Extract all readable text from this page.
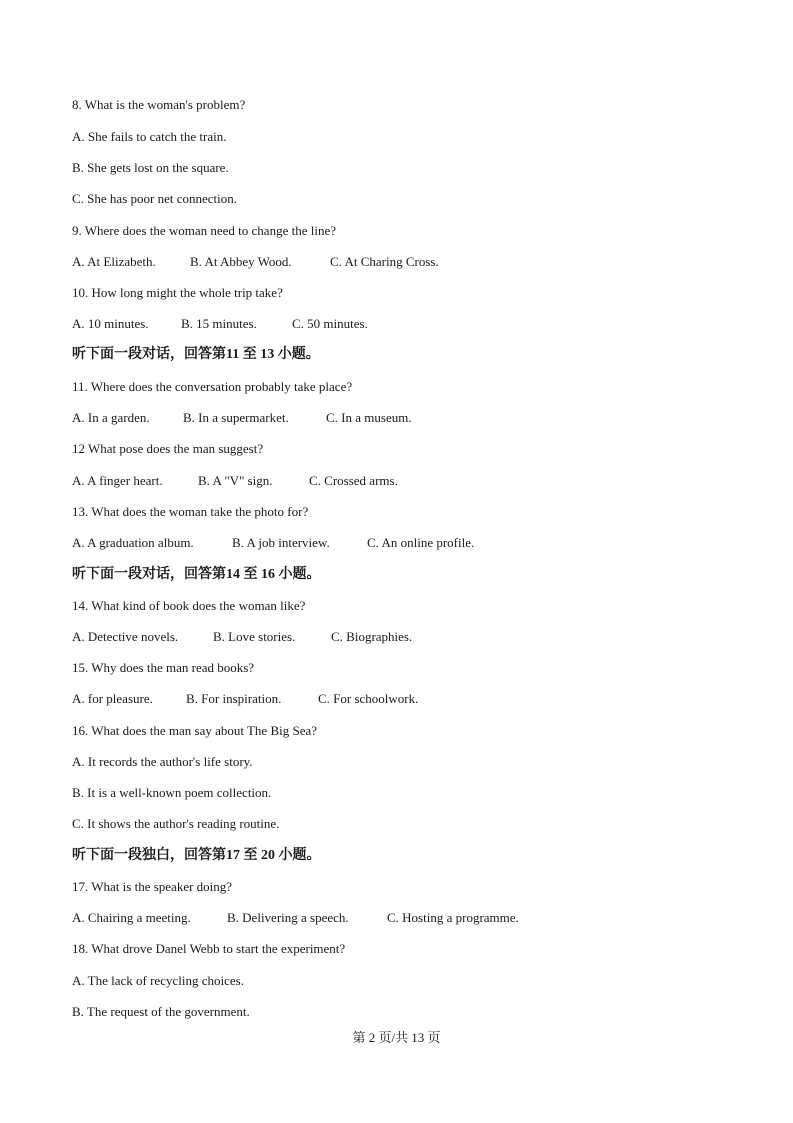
8. What is the woman's problem?
A. She fails to catch the train.
B. She gets lost on the square.
C. She has poor net connection.
9. Where does the woman need to change the line?
A. At Elizabeth.	B. At Abbey Wood.	C. At Charing Cross.
10. How long might the whole trip take?
A. 10 minutes.	B. 15 minutes.	C. 50 minutes.
听下面一段对话，回答第11 至 13 小题。
11. Where does the conversation probably take place?
A. In a garden.	B. In a supermarket.	C. In a museum.
12 What pose does the man suggest?
A. A finger heart.	B. A "V" sign.	C. Crossed arms.
13. What does the woman take the photo for?
A. A graduation album.	B. A job interview.	C. An online profile.
听下面一段对话，回答第14 至 16 小题。
14. What kind of book does the woman like?
A. Detective novels.	B. Love stories.	C. Biographies.
15. Why does the man read books?
A. for pleasure.	B. For inspiration.	C. For schoolwork.
16. What does the man say about The Big Sea?
A. It records the author's life story.
B. It is a well-known poem collection.
C. It shows the author's reading routine.
听下面一段独白，回答第17 至 20 小题。
17. What is the speaker doing?
A. Chairing a meeting.	B. Delivering a speech.	C. Hosting a programme.
18. What drove Danel Webb to start the experiment?
A. The lack of recycling choices.
B. The request of the government.
第 2 页/共 13 页
